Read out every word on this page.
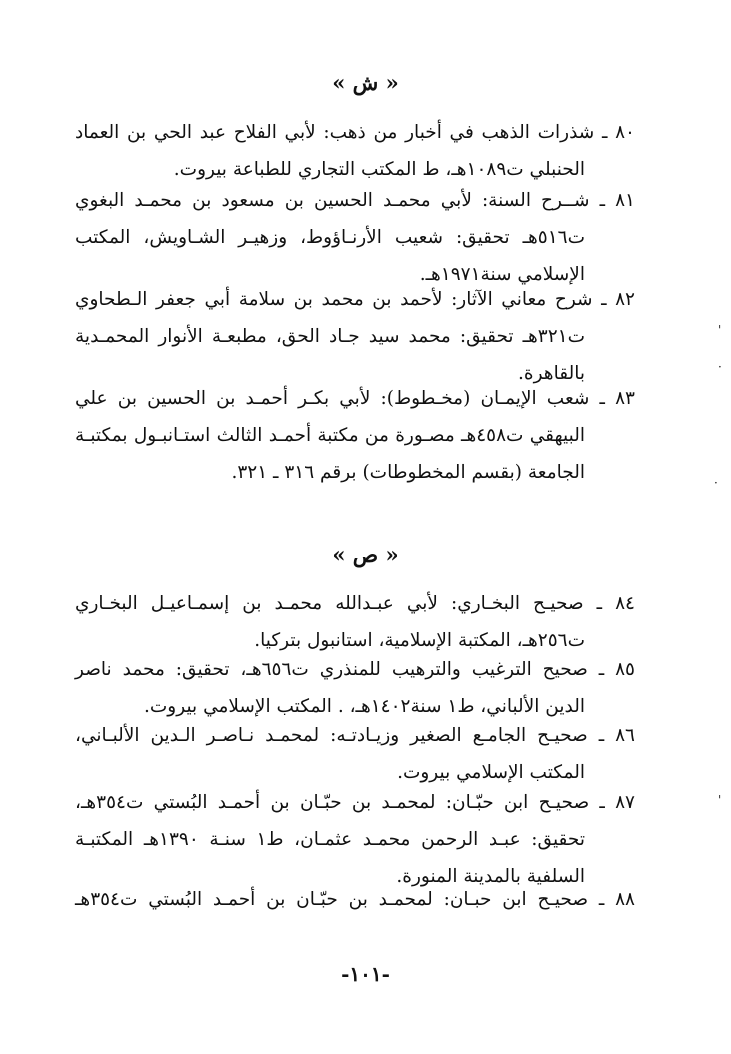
« ش »
٨٠ ـ شذرات الذهب في أخبار من ذهب: لأبي الفلاح عبد الحي بن العماد
الحنبلي ت١٠٨٩هـ، ط المكتب التجاري للطباعة بيروت.
٨١ ـ شــرح السنة: لأبي محمـد الحسين بن مسعود بن محمـد البغوي
ت٥١٦هـ تحقيق: شعيب الأرنـاؤوط، وزهيـر الشـاويش، المكتب
الإسلامي سنة١٩٧١هـ.
٨٢ ـ شرح معاني الآثار: لأحمد بن محمد بن سلامة أبي جعفر الـطحاوي
ت٣٢١هـ تحقيق: محمد سيد جـاد الحق، مطبعـة الأنوار المحمـدية
بالقاهرة.
٨٣ ـ شعب الإيمـان (مخـطوط): لأبي بكـر أحمـد بن الحسين بن علي
البيهقي ت٤٥٨هـ مصـورة من مكتبة أحمـد الثالث استـانبـول بمكتبـة
الجامعة (بقسم المخطوطات) برقم ٣١٦ ـ ٣٢١.
« ص »
٨٤ ـ صحيـح البخـاري: لأبي عبـدالله محمـد بن إسمـاعيـل البخـاري
ت٢٥٦هـ، المكتبة الإسلامية، استانبول بتركيا.
٨٥ ـ صحيح الترغيب والترهيب للمنذري ت٦٥٦هـ، تحقيق: محمد ناصر
الدين الألباني، ط١ سنة١٤٠٢هـ، . المكتب الإسلامي بيروت.
٨٦ ـ صحيـح الجامـع الصغير وزيـادتـه: لمحمـد نـاصـر الـدين الألبـاني،
المكتب الإسلامي بيروت.
٨٧ ـ صحيـح ابن حبّـان: لمحمـد بن حبّـان بن أحمـد البُستي ت٣٥٤هـ،
تحقيق: عبـد الرحمن محمـد عثمـان، ط١ سنـة ١٣٩٠هـ المكتبـة
السلفية بالمدينة المنورة.
٨٨ ـ صحيـح ابن حبـان: لمحمـد بن حبّـان بن أحمـد البُستي ت٣٥٤هـ
-١٠١-
'
·
·
'
